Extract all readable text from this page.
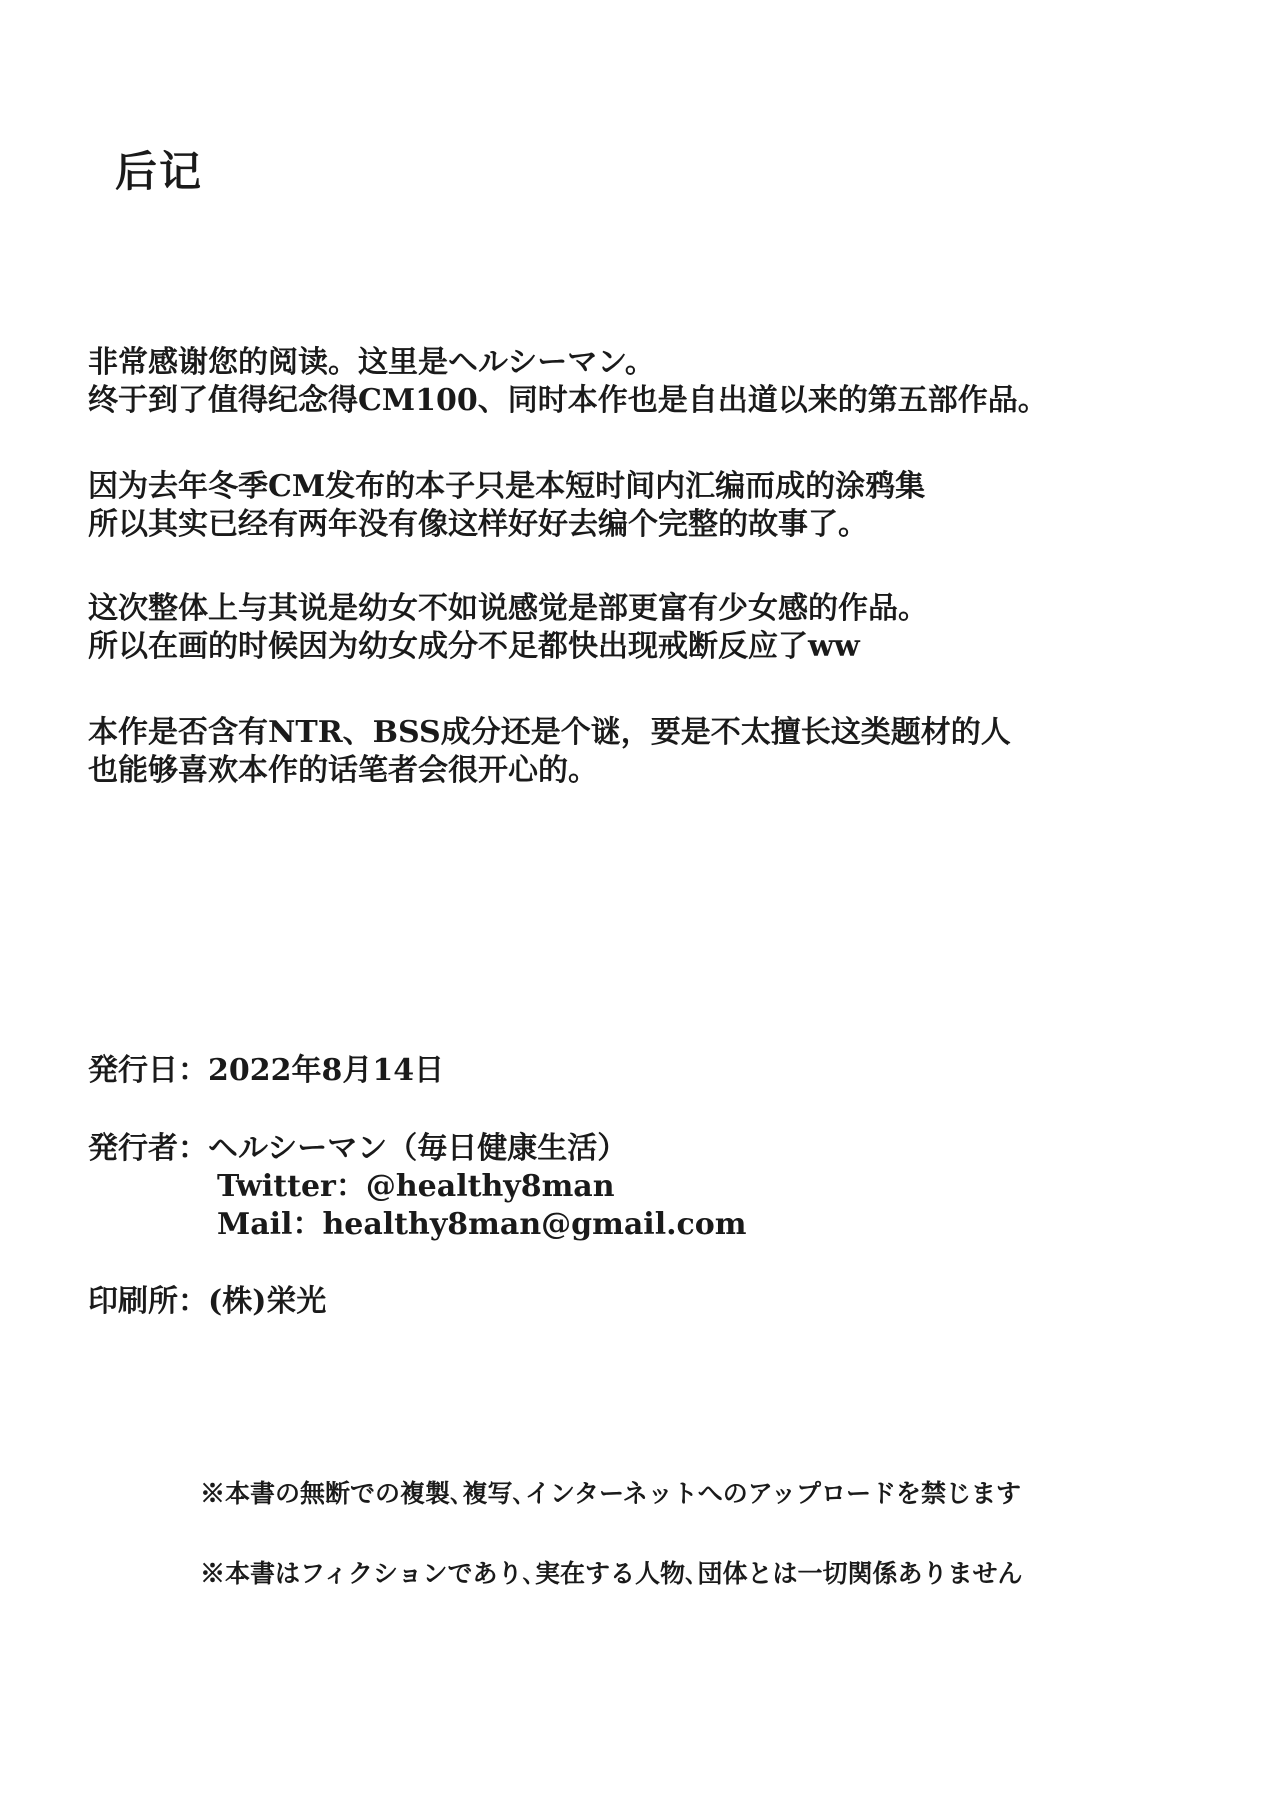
后记
非常感谢您的阅读。这里是ヘルシーマン。
终于到了值得纪念得CM100、同时本作也是自出道以来的第五部作品。
因为去年冬季CM发布的本子只是本短时间内汇编而成的涂鸦集
所以其实已经有两年没有像这样好好去编个完整的故事了。
这次整体上与其说是幼女不如说感觉是部更富有少女感的作品。
所以在画的时候因为幼女成分不足都快出现戒断反应了ww
本作是否含有NTR、BSS成分还是个谜，要是不太擅长这类题材的人
也能够喜欢本作的话笔者会很开心的。
発行日：2022年8月14日
発行者：ヘルシーマン（毎日健康生活）
Twitter：@healthy8man
Mail：healthy8man@gmail.com
印刷所：(株)栄光
※本書の無断での複製､複写､インターネットへのアップロードを禁じます
※本書はフィクションであり､実在する人物､団体とは一切関係ありません
